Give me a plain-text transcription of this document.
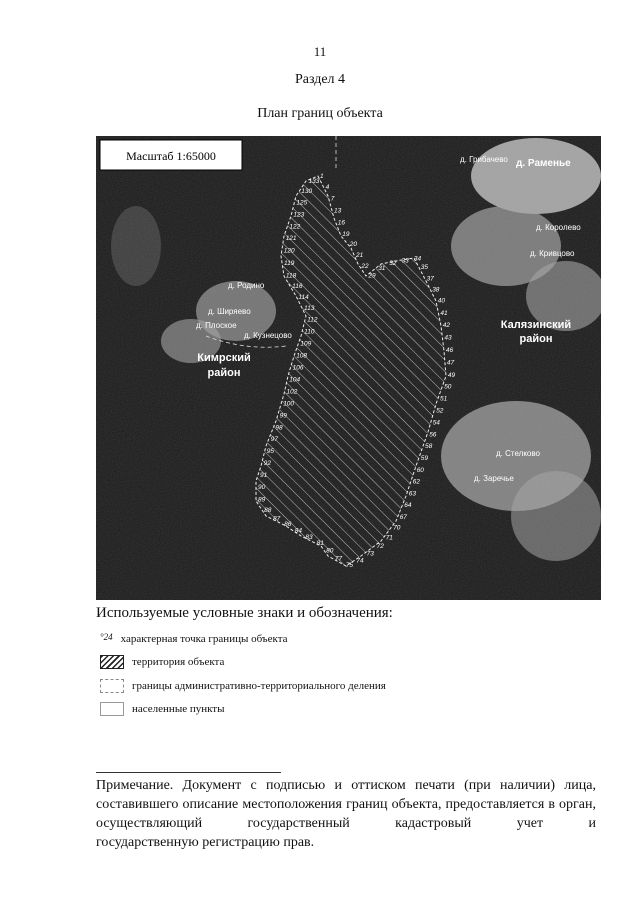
11
Раздел 4
План границ объекта
Масштаб 1:65000	д. Грибачево д. Раменье
д. Королево
д. Кривцово
д. Родино
д. Ширяево
д. Плоское
д. Кузнецово
д. Стелково
д. Заречье
Кимрский
район
Калязинский
район
1
4
7
13
16
19
20
21
22
29
31
32 33 34
35
37
38
40
41
42
43
46
47
49
50
51
52
54
56
58
59
60
62
63
64
67
70
71
72
73
74
75
77
80
81
83
84
86
87
88
89
90
91
92
95
97
98
99
100
102
104
106
108
109
110
112
113
114
116
118
119
120
121
122
123
125
130
133
Используемые условные знаки и обозначения:
°24 характерная точка границы объекта
территория объекта
границы административно-территориального деления
населенные пункты
Примечание. Документ с подписью и оттиском печати (при наличии) лица, составившего описание местоположения границ объекта, предоставляется в орган, осуществляющий государственный кадастровый учет и
государственную регистрацию прав.
